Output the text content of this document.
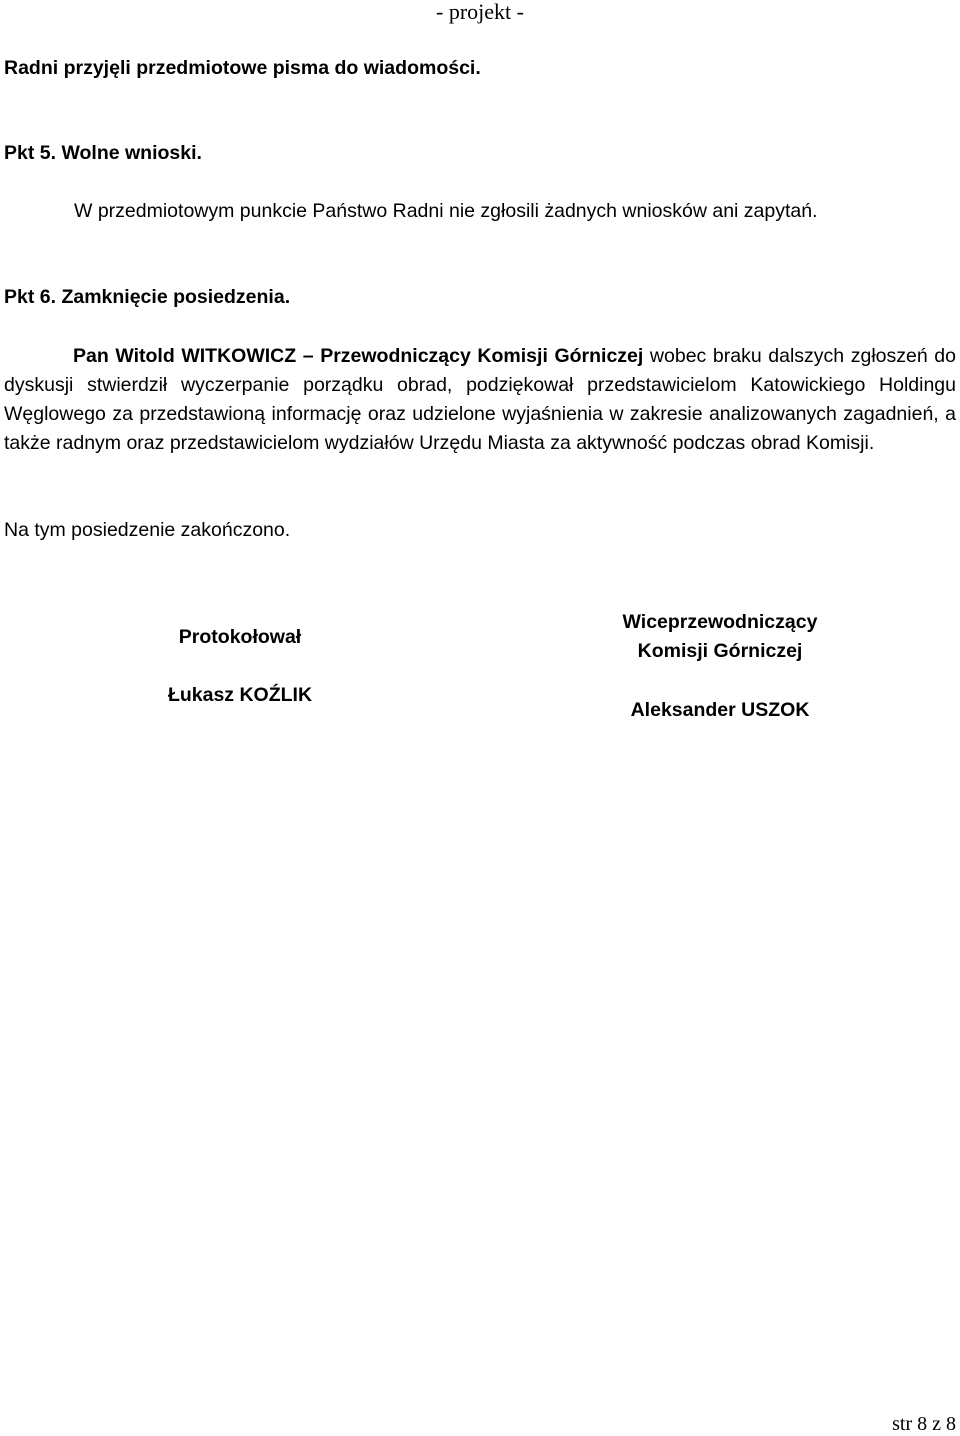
- projekt -
Radni przyjęli przedmiotowe pisma do wiadomości.
Pkt 5. Wolne wnioski.
W przedmiotowym punkcie Państwo Radni nie zgłosili żadnych wniosków ani zapytań.
Pkt 6. Zamknięcie posiedzenia.

Pan Witold WITKOWICZ – Przewodniczący Komisji Górniczej wobec braku dalszych zgłoszeń do dyskusji stwierdził wyczerpanie porządku obrad, podziękował przedstawicielom Katowickiego Holdingu Węglowego za przedstawioną informację oraz udzielone wyjaśnienia w zakresie analizowanych zagadnień, a także radnym oraz przedstawicielom wydziałów Urzędu Miasta za aktywność podczas obrad Komisji.

Na tym posiedzenie zakończono.
Protokołował
Łukasz KOŹLIK
Wiceprzewodniczący
Komisji Górniczej
Aleksander USZOK
str 8 z 8
